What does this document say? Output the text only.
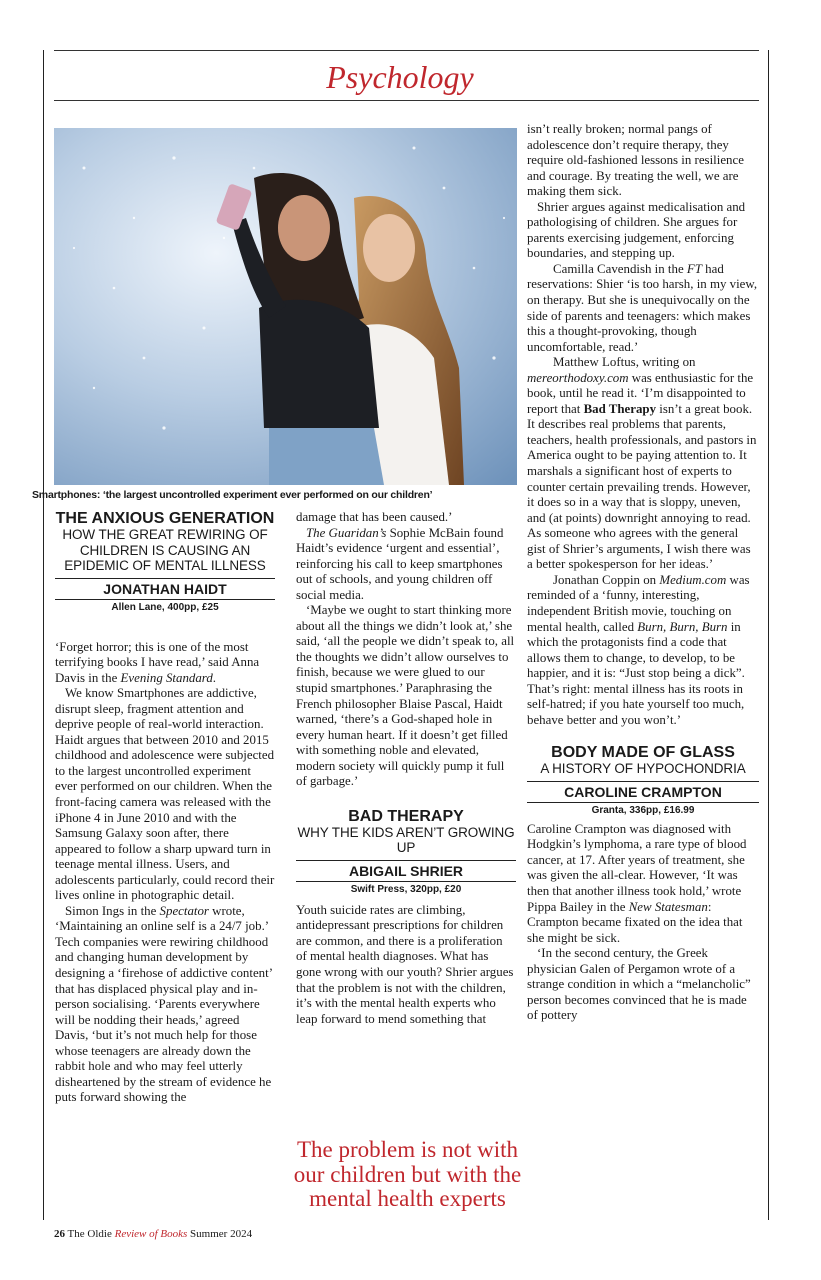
Psychology
Smartphones: ‘the largest uncontrolled experiment ever performed on our children’
THE ANXIOUS GENERATION
HOW THE GREAT REWIRING OF CHILDREN IS CAUSING AN EPIDEMIC OF MENTAL ILLNESS
JONATHAN HAIDT
Allen Lane, 400pp, £25

‘Forget horror; this is one of the most terrifying books I have read,’ said Anna Davis in the Evening Standard.

We know Smartphones are addictive, disrupt sleep, fragment attention and deprive people of real-world interaction. Haidt argues that between 2010 and 2015 childhood and adolescence were subjected to the largest uncontrolled experiment ever performed on our children. When the front-facing camera was released with the iPhone 4 in June 2010 and with the Samsung Galaxy soon after, there appeared to follow a sharp upward turn in teenage mental illness. Users, and adolescents particularly, could record their lives online in photographic detail.

Simon Ings in the Spectator wrote, ‘Maintaining an online self is a 24/7 job.’ Tech companies were rewiring childhood and changing human development by designing a ‘firehose of addictive content’ that has displaced physical play and in-person socialising. ‘Parents everywhere will be nodding their heads,’ agreed Davis, ‘but it’s not much help for those whose teenagers are already down the rabbit hole and who may feel utterly disheartened by the stream of evidence he puts forward showing the

damage that has been caused.’

The Guaridan’s Sophie McBain found Haidt’s evidence ‘urgent and essential’, reinforcing his call to keep smartphones out of schools, and young children off social media.

‘Maybe we ought to start thinking more about all the things we didn’t look at,’ she said, ‘all the people we didn’t speak to, all the thoughts we didn’t allow ourselves to finish, because we were glued to our stupid smartphones.’ Paraphrasing the French philosopher Blaise Pascal, Haidt warned, ‘there’s a God-shaped hole in every human heart. If it doesn’t get filled with something noble and elevated, modern society will quickly pump it full of garbage.’

BAD THERAPY
WHY THE KIDS AREN’T GROWING UP
ABIGAIL SHRIER
Swift Press, 320pp, £20

Youth suicide rates are climbing, antidepressant prescriptions for children are common, and there is a proliferation of mental health diagnoses. What has gone wrong with our youth? Shrier argues that the problem is not with the children, it’s with the mental health experts who leap forward to mend something that

The problem is not with our children but with the mental health experts

isn’t really broken; normal pangs of adolescence don’t require therapy, they require old-fashioned lessons in resilience and courage. By treating the well, we are making them sick.

Shrier argues against medicalisation and pathologising of children. She argues for parents exercising judgement, enforcing boundaries, and stepping up.

Camilla Cavendish in the FT had reservations: Shier ‘is too harsh, in my view, on therapy. But she is unequivocally on the side of parents and teenagers: which makes this a thought-provoking, though uncomfortable, read.’

Matthew Loftus, writing on mereorthodoxy.com was enthusiastic for the book, until he read it. ‘I’m disappointed to report that Bad Therapy isn’t a great book. It describes real problems that parents, teachers, health professionals, and pastors in America ought to be paying attention to. It marshals a significant host of experts to counter certain prevailing trends. However, it does so in a way that is sloppy, uneven, and (at points) downright annoying to read. As someone who agrees with the general gist of Shrier’s arguments, I wish there was a better spokesperson for her ideas.’

Jonathan Coppin on Medium.com was reminded of a ‘funny, interesting, independent British movie, touching on mental health, called Burn, Burn, Burn in which the protagonists find a code that allows them to change, to develop, to be happier, and it is: “Just stop being a dick”. That’s right: mental illness has its roots in self-hatred; if you hate yourself too much, behave better and you won’t.’

BODY MADE OF GLASS
A HISTORY OF HYPOCHONDRIA
CAROLINE CRAMPTON
Granta, 336pp, £16.99

Caroline Crampton was diagnosed with Hodgkin’s lymphoma, a rare type of blood cancer, at 17. After years of treatment, she was given the all-clear. However, ‘It was then that another illness took hold,’ wrote Pippa Bailey in the New Statesman: Crampton became fixated on the idea that she might be sick.

‘In the second century, the Greek physician Galen of Pergamon wrote of a strange condition in which a “melancholic” person becomes convinced that he is made of pottery

26 The Oldie Review of Books Summer 2024
